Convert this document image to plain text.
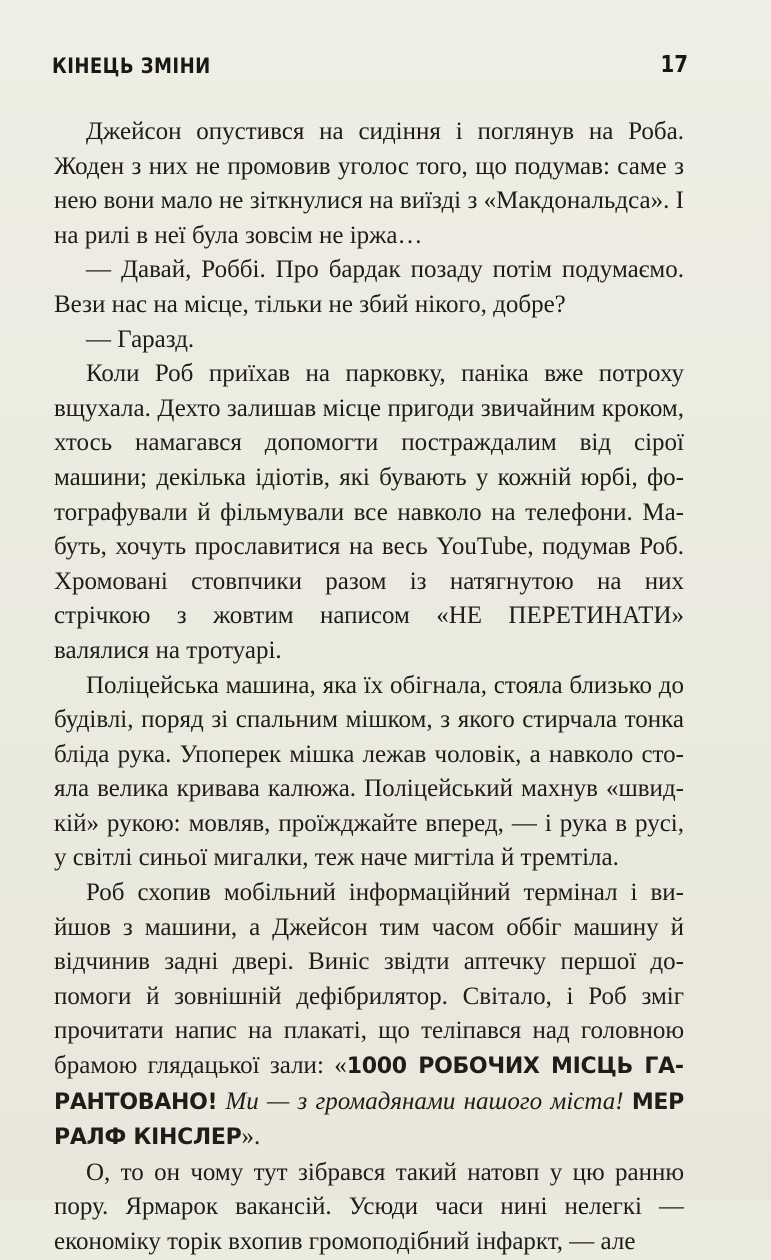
КІНЕЦЬ ЗМІНИ	17

Джейсон опустився на сидіння і поглянув на Роба. Жоден з них не промовив уголос того, що подумав: саме з нею вони мало не зіткнулися на виїзді з «Макдональдса». І на рилі в неї була зовсім не іржа…

— Давай, Роббі. Про бардак позаду потім подумаємо. Вези нас на місце, тільки не збий нікого, добре?

— Гаразд.

Коли Роб приїхав на парковку, паніка вже потроху вщухала. Дехто залишав місце пригоди звичайним кроком, хтось намагався допомогти постраждалим від сірої машини; декілька ідіотів, які бувають у кожній юрбі, фотографували й фільмували все навколо на телефони. Мабуть, хочуть прославитися на весь YouTube, подумав Роб. Хромовані стовпчики разом із натягнутою на них стрічкою з жовтим написом «НЕ ПЕРЕТИНАТИ» валялися на тротуарі.

Поліцейська машина, яка їх обігнала, стояла близько до будівлі, поряд зі спальним мішком, з якого стирчала тонка бліда рука. Упоперек мішка лежав чоловік, а навколо стояла велика кривава калюжа. Поліцейський махнув «швидкій» рукою: мовляв, проїжджайте вперед, — і рука в русі, у світлі синьої мигалки, теж наче мигтіла й тремтіла.

Роб схопив мобільний інформаційний термінал і вийшов з машини, а Джейсон тим часом оббіг машину й відчинив задні двері. Виніс звідти аптечку першої допомоги й зовнішній дефібрилятор. Світало, і Роб зміг прочитати напис на плакаті, що теліпався над головною брамою глядацької зали: «1000 РОБОЧИХ МІСЦЬ ГАРАНТОВАНО! Ми — з громадянами нашого міста! МЕР РАЛФ КІНСЛЕР».

О, то он чому тут зібрався такий натовп у цю ранню пору. Ярмарок вакансій. Усюди часи нині нелегкі — економіку торік вхопив громоподібний інфаркт, — але
